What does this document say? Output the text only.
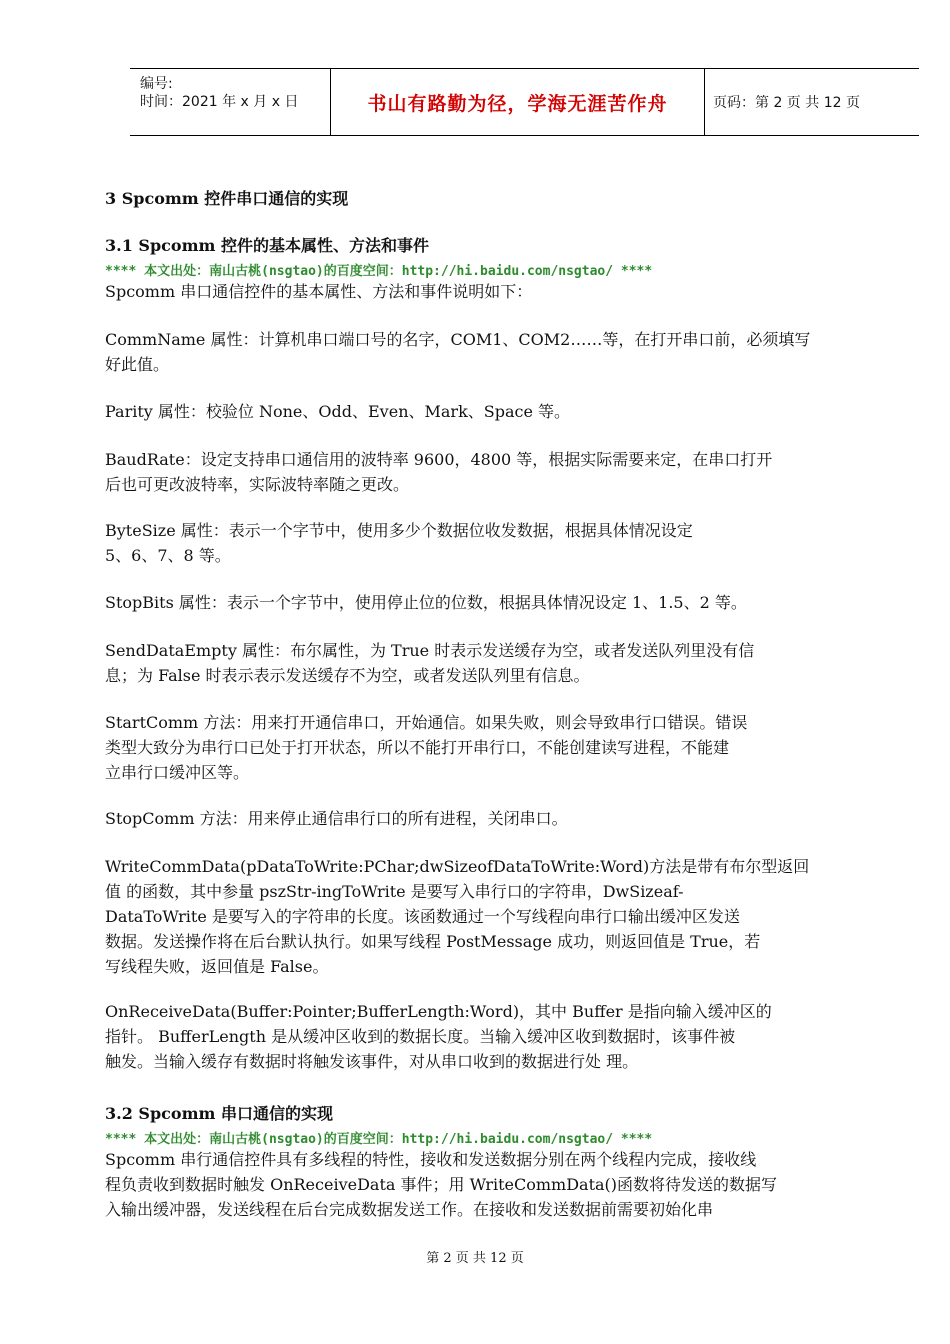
编号:
时间：2021 年 x 月 x 日	书山有路勤为径，学海无涯苦作舟	页码：第 2 页 共 12 页
3 Spcomm 控件串口通信的实现
3.1 Spcomm 控件的基本属性、方法和事件
**** 本文出处：南山古桃(nsgtao)的百度空间：http://hi.baidu.com/nsgtao/ ****
Spcomm 串口通信控件的基本属性、方法和事件说明如下：
CommName 属性：计算机串口端口号的名字，COM1、COM2……等，在打开串口前，必须填写
好此值。
Parity 属性：校验位 None、Odd、Even、Mark、Space 等。
BaudRate：设定支持串口通信用的波特率 9600，4800 等，根据实际需要来定，在串口打开
后也可更改波特率，实际波特率随之更改。
ByteSize 属性：表示一个字节中，使用多少个数据位收发数据，根据具体情况设定
5、6、7、8 等。
StopBits 属性：表示一个字节中，使用停止位的位数，根据具体情况设定 1、1.5、2 等。
SendDataEmpty 属性：布尔属性，为 True 时表示发送缓存为空，或者发送队列里没有信
息；为 False 时表示表示发送缓存不为空，或者发送队列里有信息。
StartComm 方法：用来打开通信串口，开始通信。如果失败，则会导致串行口错误。错误
类型大致分为串行口已处于打开状态，所以不能打开串行口，不能创建读写进程，不能建
立串行口缓冲区等。
StopComm 方法：用来停止通信串行口的所有进程，关闭串口。
WriteCommData(pDataToWrite:PChar;dwSizeofDataToWrite:Word)方法是带有布尔型返回
值 的函数，其中参量 pszStr-ingToWrite 是要写入串行口的字符串，DwSizeaf-
DataToWrite 是要写入的字符串的长度。该函数通过一个写线程向串行口输出缓冲区发送
数据。发送操作将在后台默认执行。如果写线程 PostMessage 成功，则返回值是 True，若
写线程失败，返回值是 False。
OnReceiveData(Buffer:Pointer;BufferLength:Word)，其中 Buffer 是指向输入缓冲区的
指针。 BufferLength 是从缓冲区收到的数据长度。当输入缓冲区收到数据时，该事件被
触发。当输入缓存有数据时将触发该事件，对从串口收到的数据进行处 理。
3.2 Spcomm 串口通信的实现
**** 本文出处：南山古桃(nsgtao)的百度空间：http://hi.baidu.com/nsgtao/ ****
Spcomm 串行通信控件具有多线程的特性，接收和发送数据分别在两个线程内完成，接收线
程负责收到数据时触发 OnReceiveData 事件；用 WriteCommData()函数将待发送的数据写
入输出缓冲器，发送线程在后台完成数据发送工作。在接收和发送数据前需要初始化串
第 2 页 共 12 页
